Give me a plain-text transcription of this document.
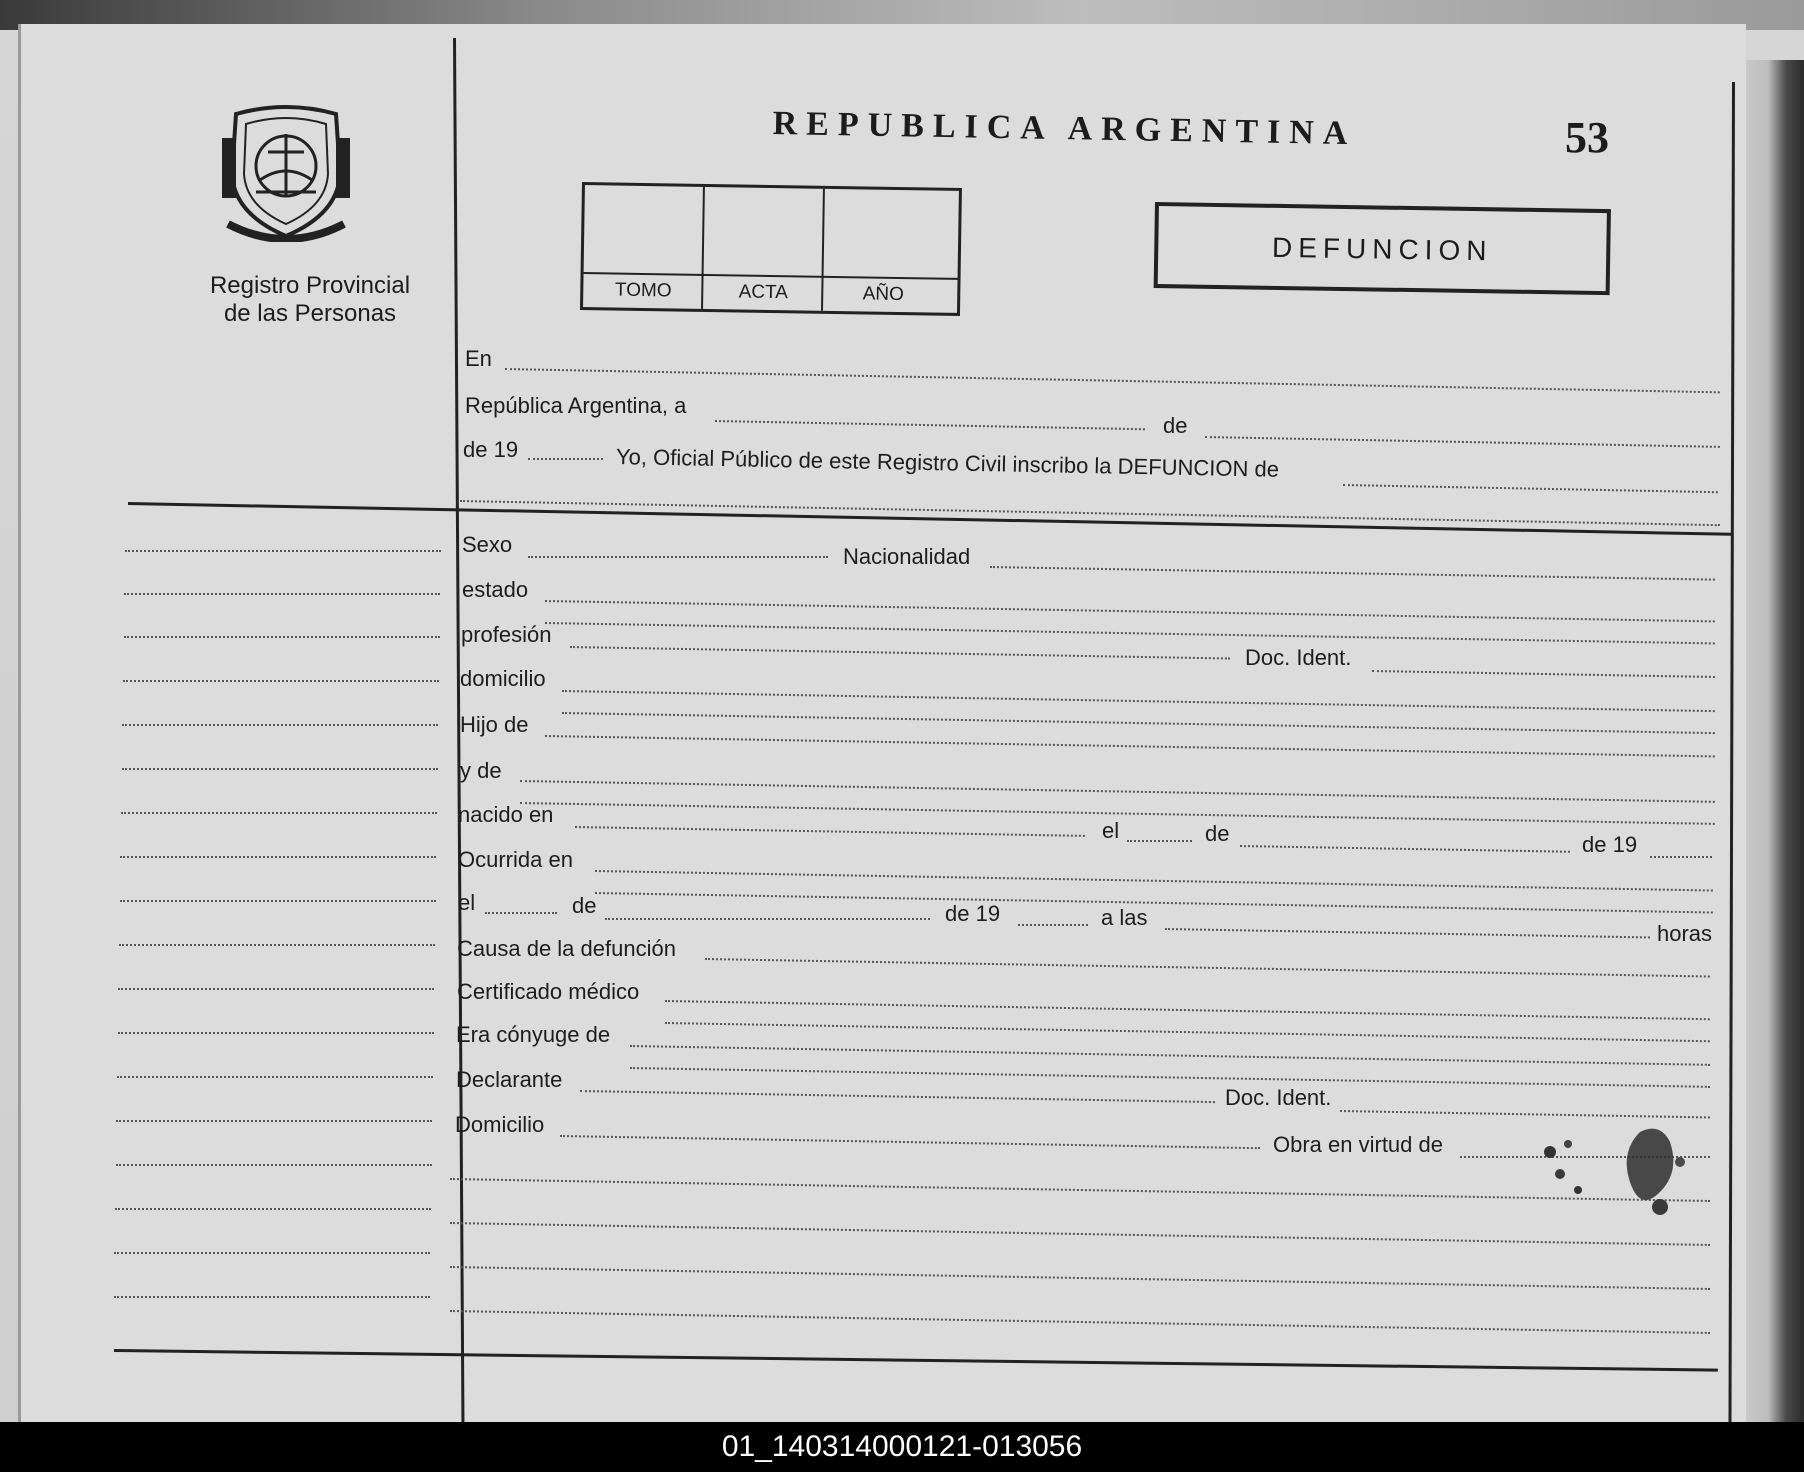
Registro Provincial
de las Personas
REPUBLICA ARGENTINA	53
TOMO	ACTA	AÑO
DEFUNCION
En
República Argentina, a
de
de 19	Yo, Oficial Público de este Registro Civil inscribo la DEFUNCION de
Sexo	Nacionalidad
estado
profesión
Doc. Ident.
domicilio
Hijo de
y de
nacido en
el	de	de 19
Ocurrida en
el	de	de 19	a las
horas
Causa de la defunción
Certificado médico
Era cónyuge de
Declarante
Doc. Ident.
Domicilio
Obra en virtud de
01_140314000121-013056
